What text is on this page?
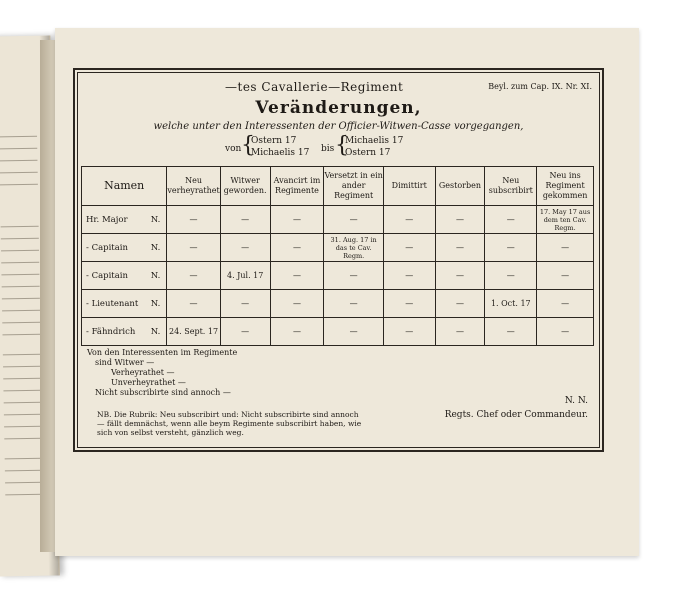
—tes Cavallerie—Regiment	Beyl. zum Cap. IX. Nr. XI.
Veränderungen,
welche unter den Interessenten der Officier-Witwen-Casse vorgegangen,
von {
Ostern 17
Michaelis 17 bis {
Michaelis 17
Ostern 17
Namen	Neu verheyrathet	Witwer geworden.	Avancirt im Regimente	Versetzt in ein ander Regiment	Dimittirt	Gestorben	Neu subscribirt	Neu ins Regiment gekommen
Hr. Major N.	—	—	—	—	—	—	—	17. May 17 aus dem ten Cav. Regm.

- Capitain N.	—	—	—	31. Aug. 17 in das te Cav. Regm.	—	—	—	—
- Capitain N.	—	4. Jul. 17	—	—	—	—	—	—
- Lieutenant N.	—	—	—	—	—	—	1. Oct. 17	—
- Fähndrich N.	24. Sept. 17	—	—	—	—	—	—	—
Von den Interessenten im Regimente
sind Witwer —
Verheyrathet —
Unverheyrathet —
Nicht subscribirte sind annoch —
NB. Die Rubrik: Neu subscribirt und: Nicht subscribirte sind annoch — fällt demnächst, wenn alle beym Regimente subscribirt haben, wie sich von selbst versteht, gänzlich weg.
N. N.
Regts. Chef oder Commandeur.
